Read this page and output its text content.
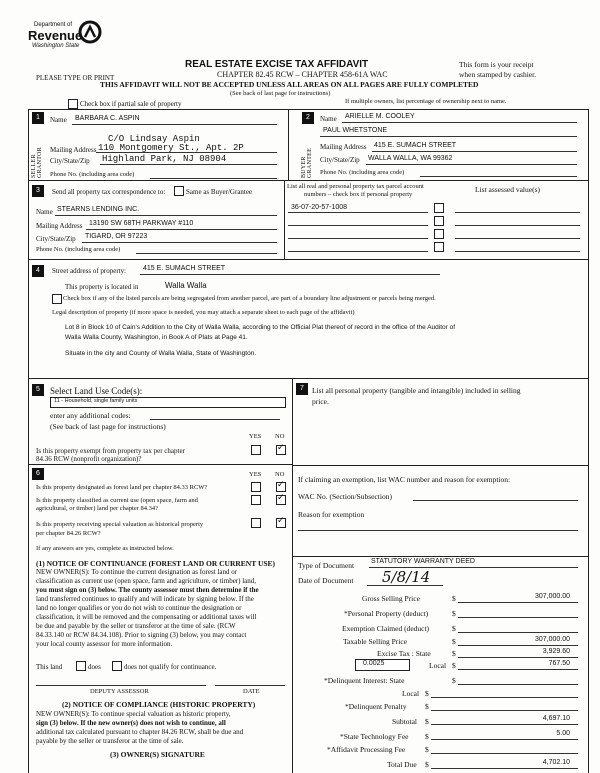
Department of
Revenue
Washington State
REAL ESTATE EXCISE TAX AFFIDAVIT
CHAPTER 82.45 RCW – CHAPTER 458-61A WAC
PLEASE TYPE OR PRINT
THIS AFFIDAVIT WILL NOT BE ACCEPTED UNLESS ALL AREAS ON ALL PAGES ARE FULLY COMPLETED
(See back of last page for instructions)
This form is your receipt
when stamped by cashier.
Check box if partial sale of property	If multiple owners, list percentage of ownership next to name.
1
SELLER GRANTOR
Name BARBARA C. ASPIN
C/O Lindsay Aspin
Mailing Address 110 Montgomery St., Apt. 2P
City/State/Zip Highland Park, NJ 08904
Phone No. (including area code)
2
BUYER GRANTEE
Name ARIELLE M. COOLEY
PAUL WHETSTONE
Mailing Address 415 E. SUMACH STREET
City/State/Zip WALLA WALLA, WA 99362
Phone No. (including area code)
3	Send all property tax correspondence to:	Same as Buyer/Grantee
Name STEARNS LENDING INC.
Mailing Address 13190 SW 68TH PARKWAY #110
City/State/Zip TIGARD, OR 97223
Phone No. (including area code)
List all real and personal property tax parcel account
numbers – check box if personal property
List assessed value(s)
36-07-20-57-1008
4	Street address of property: 415 E. SUMACH STREET
This property is located in	Walla Walla
Check box if any of the listed parcels are being segregated from another parcel, are part of a boundary line adjustment or parcels being merged.
Legal description of property (if more space is needed, you may attach a separate sheet to each page of the affidavit)
Lot 8 in Block 10 of Cain's Addition to the City of Walla Walla, according to the Official Plat thereof of record in the office of the Auditor of
Walla Walla County, Washington, in Book A of Plats at Page 41.
Situate in the city and County of Walla Walla, State of Washington.
5	Select Land Use Code(s):
11 - Household, single family units
enter any additional codes:
(See back of last page for instructions)
YES NO
Is this property exempt from property tax per chapter
84.36 RCW (nonprofit organization)?
✓
6	YES NO
Is this property designated as forest land per chapter 84.33 RCW?
✓
Is this property classified as current use (open space, farm and
agricultural, or timber) land per chapter 84.34?
✓
Is this property receiving special valuation as historical property
per chapter 84.26 RCW?
✓
If any answers are yes, complete as instructed below.
(1) NOTICE OF CONTINUANCE (FOREST LAND OR CURRENT USE)
NEW OWNER(S): To continue the current designation as forest land or
classification as current use (open space, farm and agriculture, or timber) land,
you must sign on (3) below. The county assessor must then determine if the
land transferred continues to qualify and will indicate by signing below. If the
land no longer qualifies or you do not wish to continue the designation or
classification, it will be removed and the compensating or additional taxes will
be due and payable by the seller or transferor at the time of sale. (RCW
84.33.140 or RCW 84.34.108). Prior to signing (3) below, you may contact
your local county assessor for more information.
This land	does	does not qualify for continuance.
DEPUTY ASSESSOR	DATE
(2) NOTICE OF COMPLIANCE (HISTORIC PROPERTY)
NEW OWNER(S): To continue special valuation as historic property,
sign (3) below. If the new owner(s) does not wish to continue, all
additional tax calculated pursuant to chapter 84.26 RCW, shall be due and
payable by the seller or transferor at the time of sale.
(3) OWNER(S) SIGNATURE
7	List all personal property (tangible and intangible) included in selling
price.
If claiming an exemption, list WAC number and reason for exemption:
WAC No. (Section/Subsection)
Reason for exemption
Type of Document STATUTORY WARRANTY DEED
Date of Document 5/8/14
Gross Selling Price	$	307,000.00
*Personal Property (deduct)	$
Exemption Claimed (deduct)	$
Taxable Selling Price	$	307,000.00
Excise Tax : State	$	3,929.60
0.0025	Local $	767.50
*Delinquent Interest: State	$
Local $
*Delinquent Penalty $
Subtotal $	4,697.10
*State Technology Fee $	5.00
*Affidavit Processing Fee	$
Total Due $	4,702.10
